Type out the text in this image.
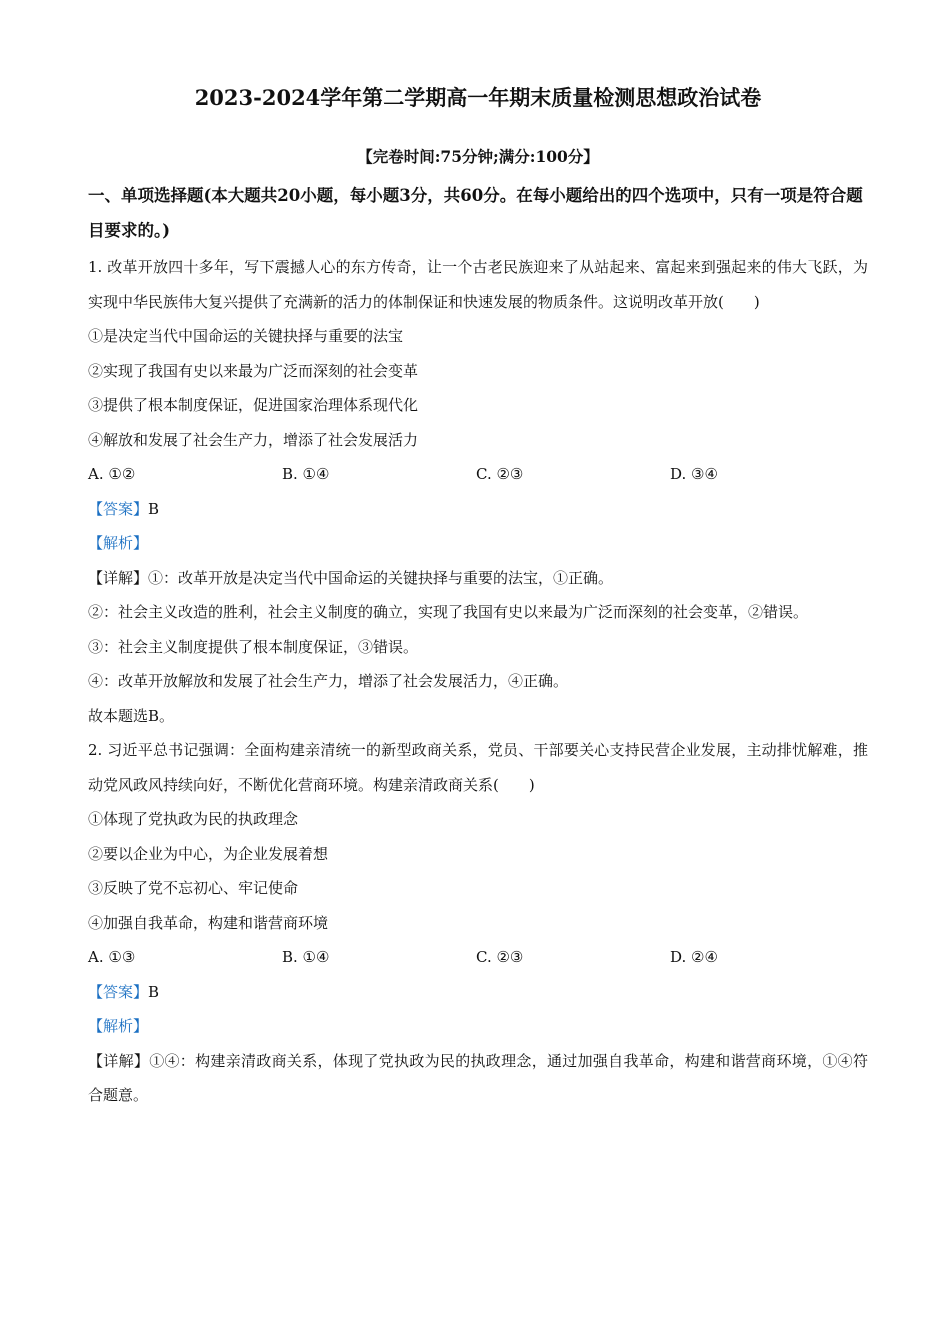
2023-2024学年第二学期高一年期末质量检测思想政治试卷
【完卷时间:75分钟;满分:100分】
一、单项选择题(本大题共20小题，每小题3分，共60分。在每小题给出的四个选项中，只有一项是符合题目要求的。)
1. 改革开放四十多年，写下震撼人心的东方传奇，让一个古老民族迎来了从站起来、富起来到强起来的伟大飞跃，为实现中华民族伟大复兴提供了充满新的活力的体制保证和快速发展的物质条件。这说明改革开放(　　)
①是决定当代中国命运的关键抉择与重要的法宝
②实现了我国有史以来最为广泛而深刻的社会变革
③提供了根本制度保证，促进国家治理体系现代化
④解放和发展了社会生产力，增添了社会发展活力
A. ①②	B. ①④	C. ②③	D. ③④
【答案】B
【解析】
【详解】①：改革开放是决定当代中国命运的关键抉择与重要的法宝，①正确。
②：社会主义改造的胜利，社会主义制度的确立，实现了我国有史以来最为广泛而深刻的社会变革，②错误。
③：社会主义制度提供了根本制度保证，③错误。
④：改革开放解放和发展了社会生产力，增添了社会发展活力，④正确。
故本题选B。
2. 习近平总书记强调：全面构建亲清统一的新型政商关系，党员、干部要关心支持民营企业发展，主动排忧解难，推动党风政风持续向好，不断优化营商环境。构建亲清政商关系(　　)
①体现了党执政为民的执政理念
②要以企业为中心，为企业发展着想
③反映了党不忘初心、牢记使命
④加强自我革命，构建和谐营商环境
A. ①③	B. ①④	C. ②③	D. ②④
【答案】B
【解析】
【详解】①④：构建亲清政商关系，体现了党执政为民的执政理念，通过加强自我革命，构建和谐营商环境，①④符合题意。
